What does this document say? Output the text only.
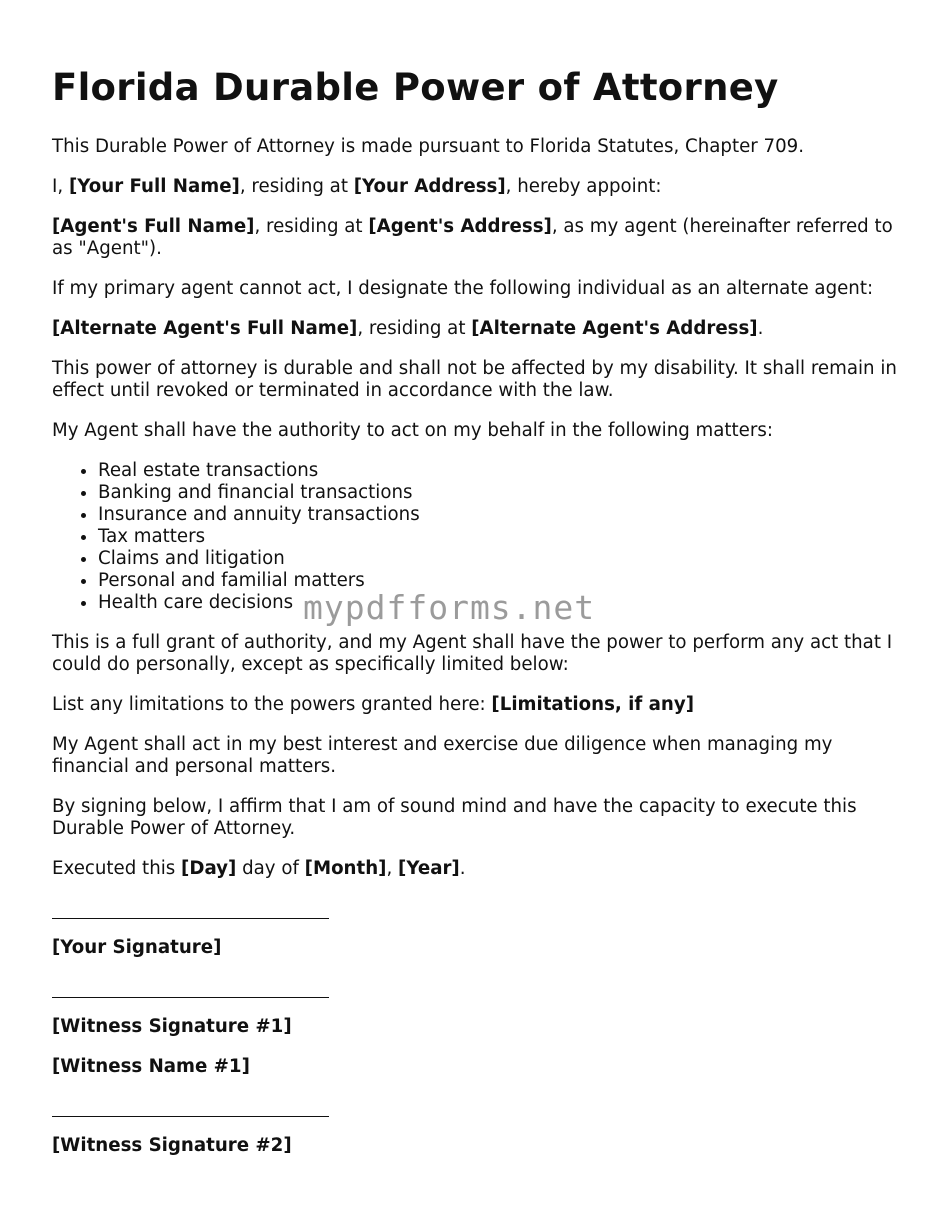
Florida Durable Power of Attorney

This Durable Power of Attorney is made pursuant to Florida Statutes, Chapter 709.

I, [Your Full Name], residing at [Your Address], hereby appoint:

[Agent's Full Name], residing at [Agent's Address], as my agent (hereinafter referred to as "Agent").

If my primary agent cannot act, I designate the following individual as an alternate agent:

[Alternate Agent's Full Name], residing at [Alternate Agent's Address].

This power of attorney is durable and shall not be affected by my disability. It shall remain in effect until revoked or terminated in accordance with the law.

My Agent shall have the authority to act on my behalf in the following matters:

• Real estate transactions
• Banking and financial transactions
• Insurance and annuity transactions
• Tax matters
• Claims and litigation
• Personal and familial matters
• Health care decisions

This is a full grant of authority, and my Agent shall have the power to perform any act that I could do personally, except as specifically limited below:

List any limitations to the powers granted here: [Limitations, if any]

My Agent shall act in my best interest and exercise due diligence when managing my financial and personal matters.

By signing below, I affirm that I am of sound mind and have the capacity to execute this Durable Power of Attorney.

Executed this [Day] day of [Month], [Year].

[Your Signature]

[Witness Signature #1]

[Witness Name #1]

[Witness Signature #2]

mypdfforms.net
